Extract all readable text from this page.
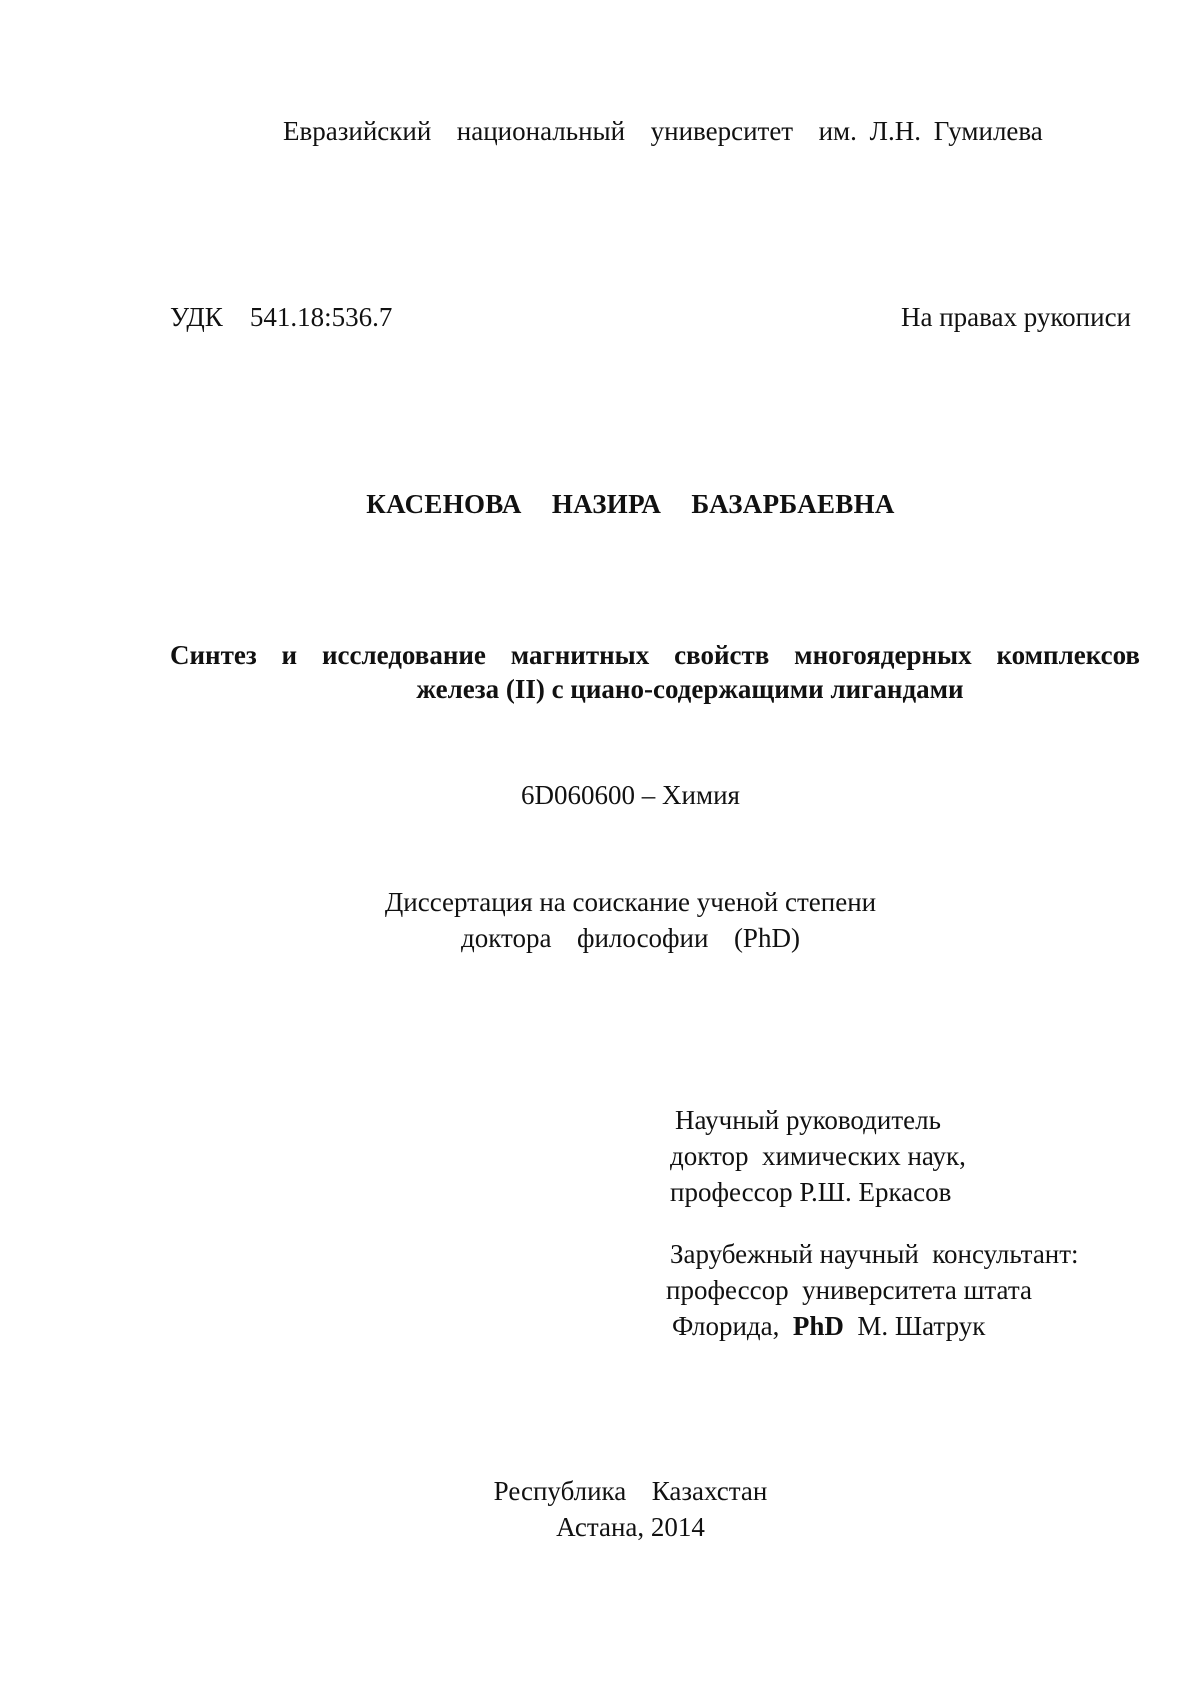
Евразийский  национальный  университет  им. Л.Н. Гумилева
УДК    541.18:536.7	На правах рукописи
КАСЕНОВА  НАЗИРА  БАЗАРБАЕВНА
Синтез и исследование магнитных свойств многоядерных комплексов
железа (II) с циано-содержащими лигандами
6D060600 – Химия
Диссертация на соискание ученой степени
доктора  философии  (PhD)
Научный руководитель
доктор  химических наук,
профессор Р.Ш. Еркасов
Зарубежный научный  консультант:
профессор  университета штата
Флорида,  PhD  М. Шатрук
Республика  Казахстан
Астана, 2014
